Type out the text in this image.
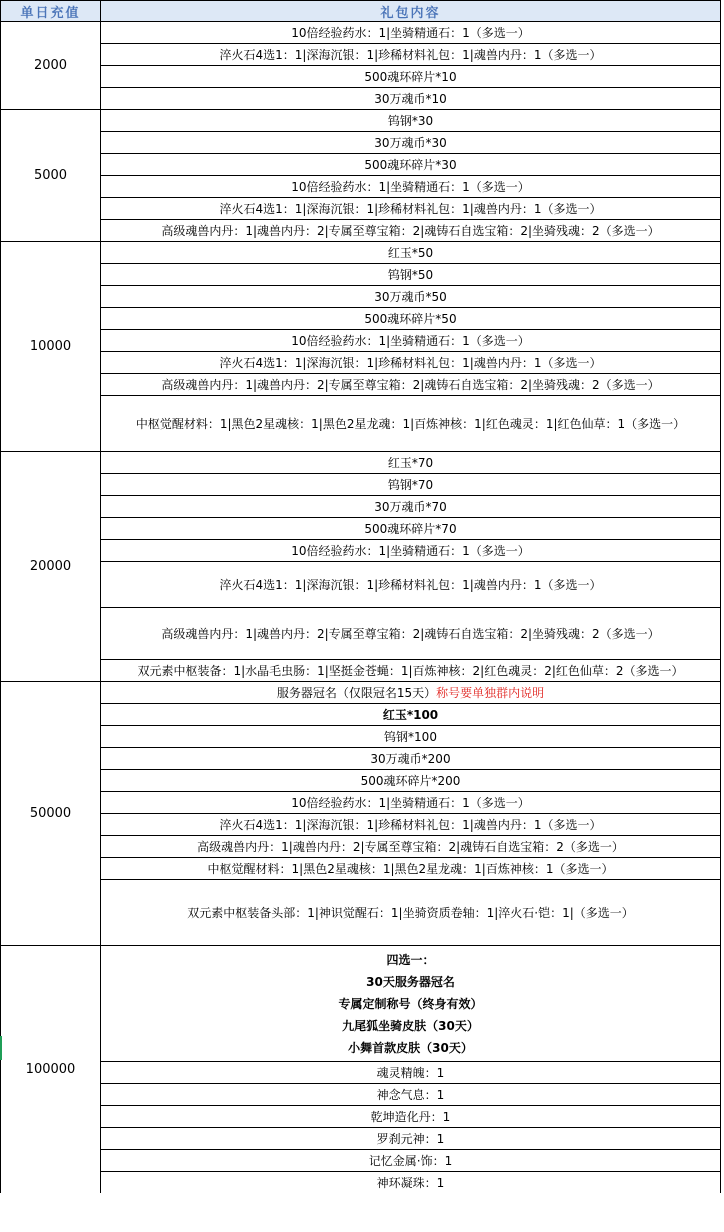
单日充值	礼包内容
2000	10倍经验药水：1|坐骑精通石：1（多选一）
	淬火石4选1：1|深海沉银：1|珍稀材料礼包：1|魂兽内丹：1（多选一）
	500魂环碎片*10
	30万魂币*10
5000	钨钢*30
	30万魂币*30
	500魂环碎片*30
	10倍经验药水：1|坐骑精通石：1（多选一）
	淬火石4选1：1|深海沉银：1|珍稀材料礼包：1|魂兽内丹：1（多选一）
	高级魂兽内丹：1|魂兽内丹：2|专属至尊宝箱：2|魂铸石自选宝箱：2|坐骑残魂：2（多选一）
10000	红玉*50
	钨钢*50
	30万魂币*50
	500魂环碎片*50
	10倍经验药水：1|坐骑精通石：1（多选一）
	淬火石4选1：1|深海沉银：1|珍稀材料礼包：1|魂兽内丹：1（多选一）
	高级魂兽内丹：1|魂兽内丹：2|专属至尊宝箱：2|魂铸石自选宝箱：2|坐骑残魂：2（多选一）
	中枢觉醒材料：1|黑色2星魂核：1|黑色2星龙魂：1|百炼神核：1|红色魂灵：1|红色仙草：1（多选一）
20000	红玉*70
	钨钢*70
	30万魂币*70
	500魂环碎片*70
	10倍经验药水：1|坐骑精通石：1（多选一）
	淬火石4选1：1|深海沉银：1|珍稀材料礼包：1|魂兽内丹：1（多选一）
	高级魂兽内丹：1|魂兽内丹：2|专属至尊宝箱：2|魂铸石自选宝箱：2|坐骑残魂：2（多选一）
	双元素中枢装备：1|水晶毛虫肠：1|坚挺金苍蝇：1|百炼神核：2|红色魂灵：2|红色仙草：2（多选一）
50000	服务器冠名（仅限冠名15天）称号要单独群内说明
	红玉*100
	钨钢*100
	30万魂币*200
	500魂环碎片*200
	10倍经验药水：1|坐骑精通石：1（多选一）
	淬火石4选1：1|深海沉银：1|珍稀材料礼包：1|魂兽内丹：1（多选一）
	高级魂兽内丹：1|魂兽内丹：2|专属至尊宝箱：2|魂铸石自选宝箱：2（多选一）
	中枢觉醒材料：1|黑色2星魂核：1|黑色2星龙魂：1|百炼神核：1（多选一）
	双元素中枢装备头部：1|神识觉醒石：1|坐骑资质卷轴：1|淬火石·铠：1|（多选一）
100000	四选一：
30天服务器冠名
专属定制称号（终身有效）
九尾狐坐骑皮肤（30天）
小舞首款皮肤（30天）

	魂灵精魄：1
	神念气息：1
	乾坤造化丹：1
	罗刹元神：1
	记忆金属·饰：1
	神环凝珠：1
